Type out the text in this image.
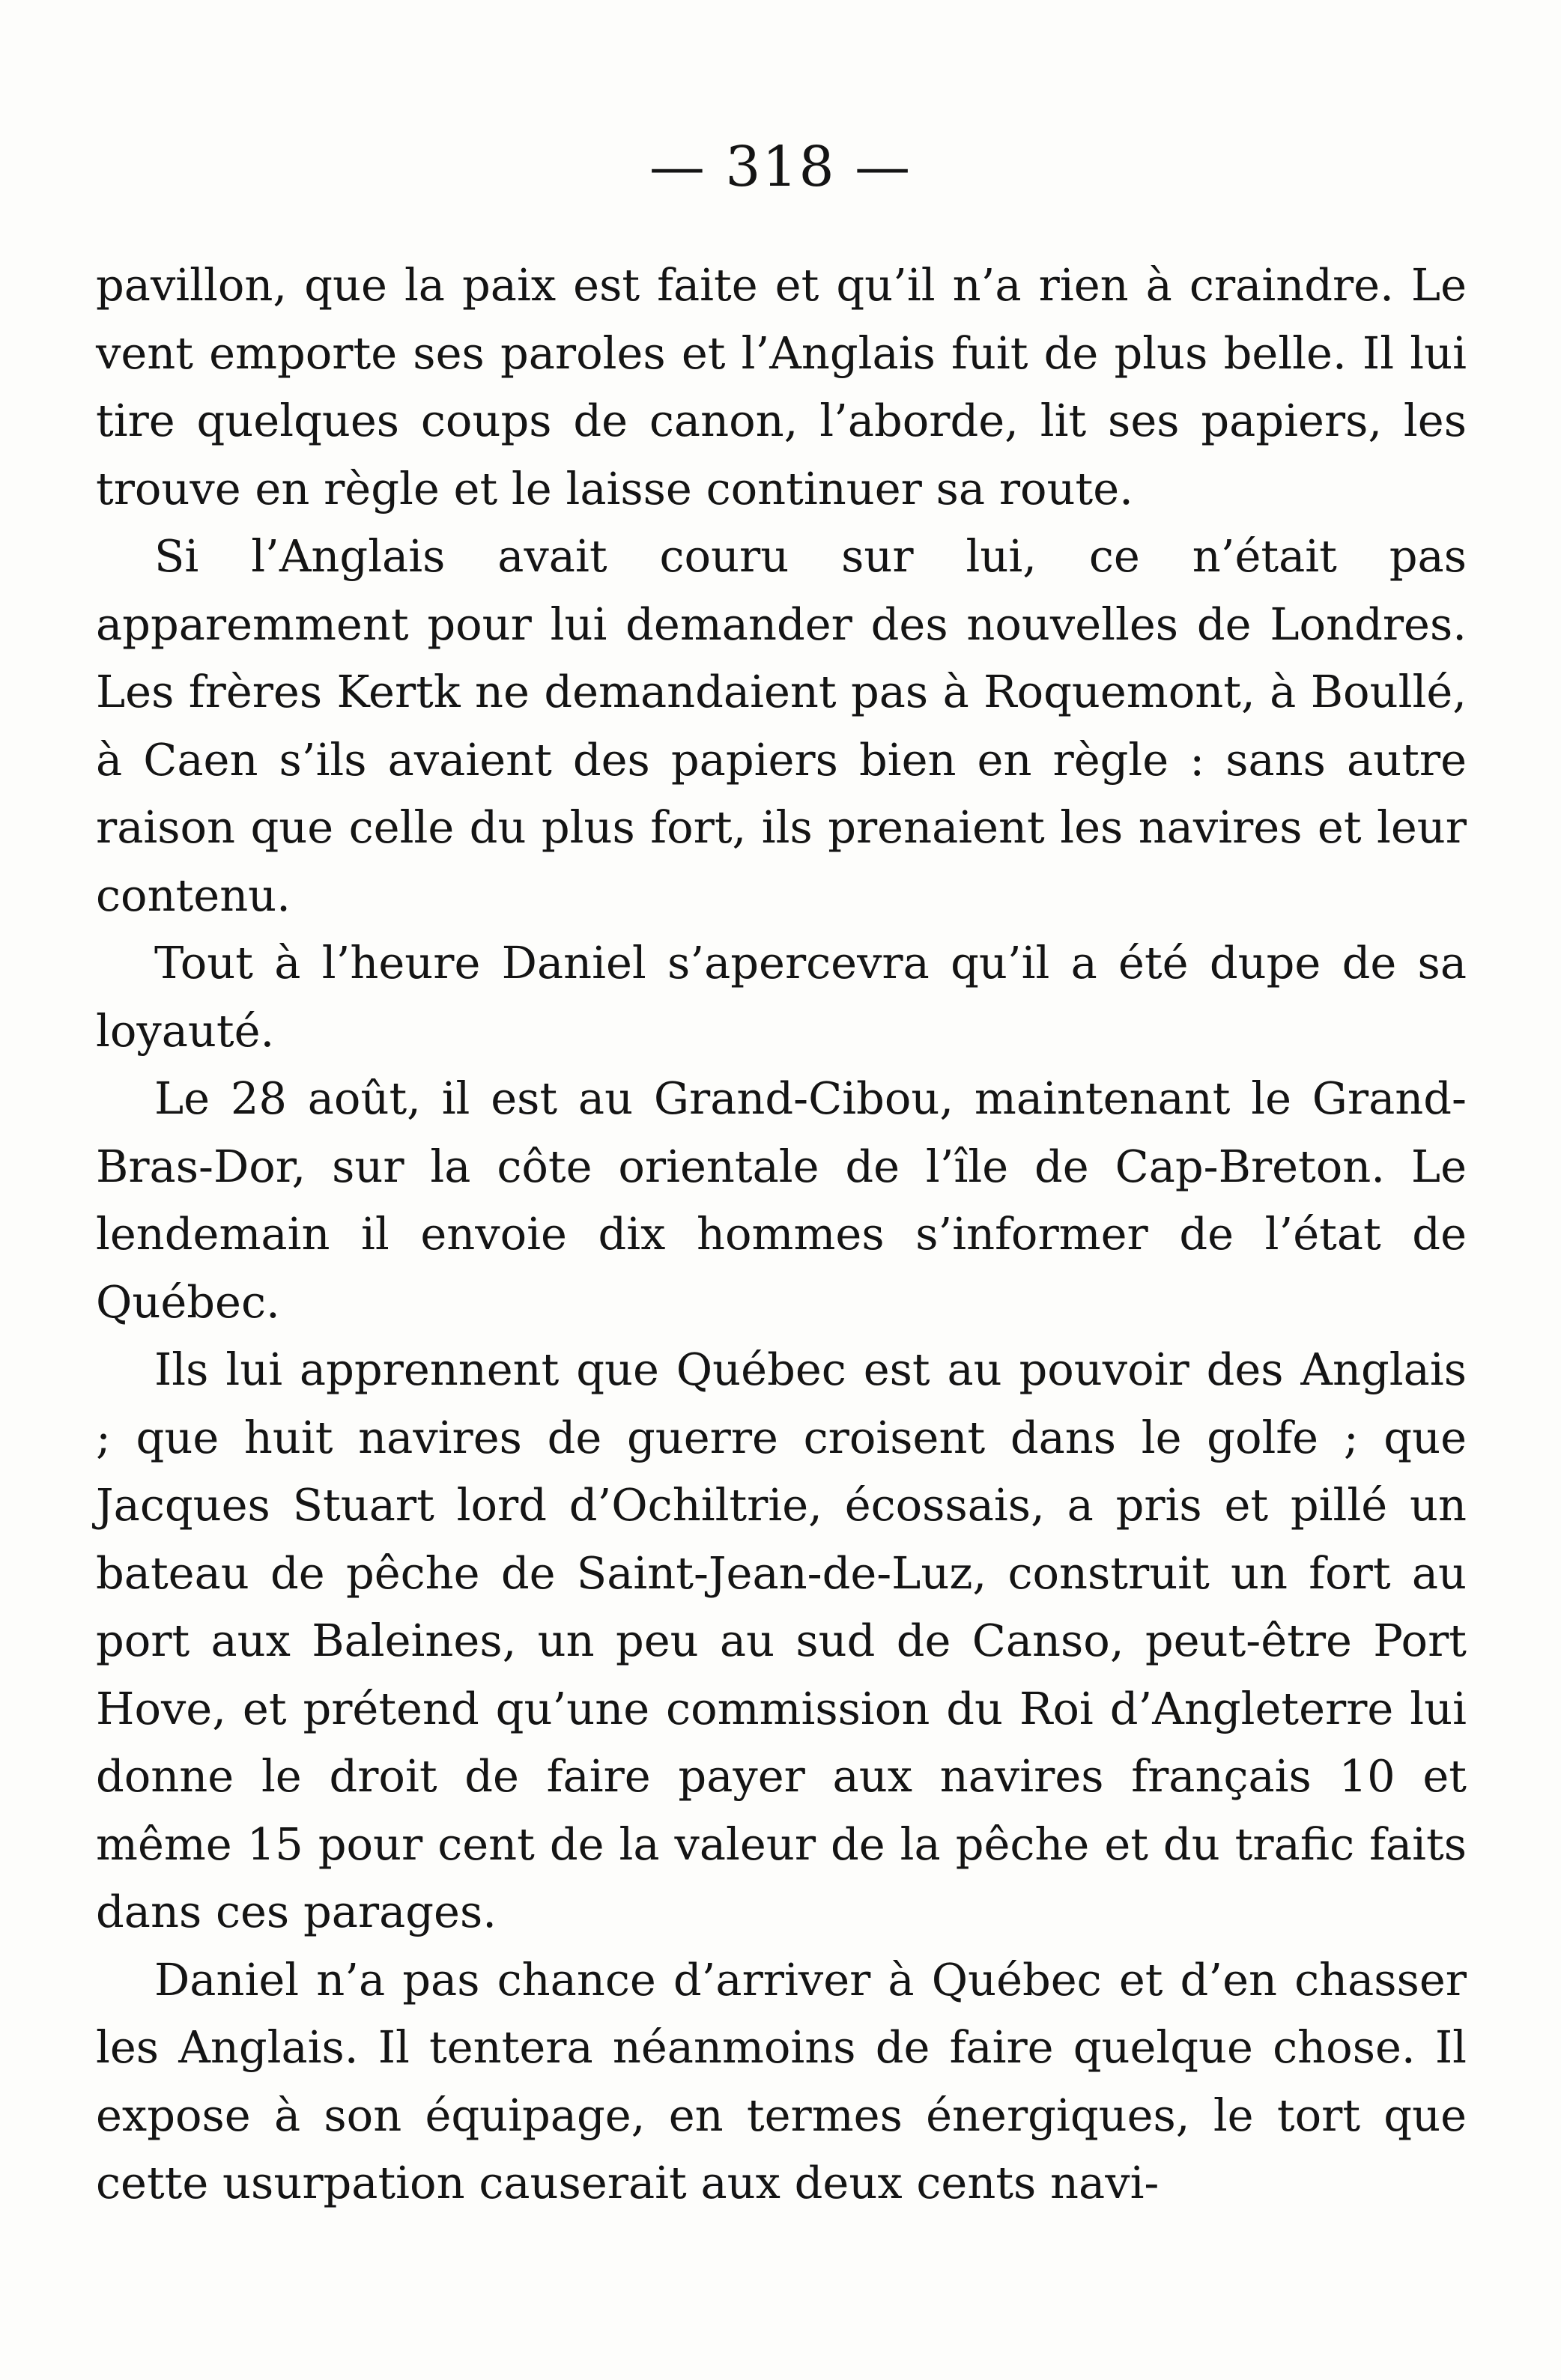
— 318 —

pavillon, que la paix est faite et qu’il n’a rien à craindre. Le vent emporte ses paroles et l’Anglais fuit de plus belle. Il lui tire quelques coups de canon, l’aborde, lit ses papiers, les trouve en règle et le laisse continuer sa route.

Si l’Anglais avait couru sur lui, ce n’était pas apparemment pour lui demander des nouvelles de Londres. Les frères Kertk ne demandaient pas à Roquemont, à Boullé, à Caen s’ils avaient des papiers bien en règle : sans autre raison que celle du plus fort, ils prenaient les navires et leur contenu.

Tout à l’heure Daniel s’apercevra qu’il a été dupe de sa loyauté.

Le 28 août, il est au Grand-Cibou, maintenant le Grand-Bras-Dor, sur la côte orientale de l’île de Cap-Breton. Le lendemain il envoie dix hommes s’informer de l’état de Québec.

Ils lui apprennent que Québec est au pouvoir des Anglais ; que huit navires de guerre croisent dans le golfe ; que Jacques Stuart lord d’Ochiltrie, écossais, a pris et pillé un bateau de pêche de Saint-Jean-de-Luz, construit un fort au port aux Baleines, un peu au sud de Canso, peut-être Port Hove, et prétend qu’une commission du Roi d’Angleterre lui donne le droit de faire payer aux navires français 10 et même 15 pour cent de la valeur de la pêche et du trafic faits dans ces parages.

Daniel n’a pas chance d’arriver à Québec et d’en chasser les Anglais. Il tentera néanmoins de faire quelque chose. Il expose à son équipage, en termes énergiques, le tort que cette usurpation causerait aux deux cents navi-
